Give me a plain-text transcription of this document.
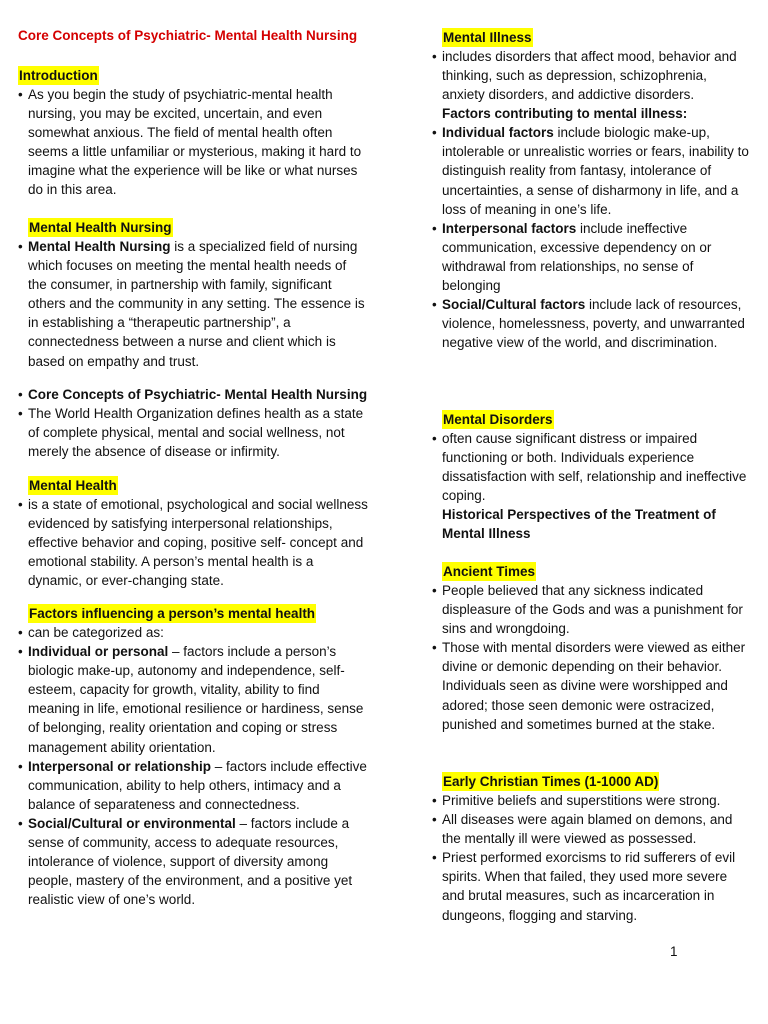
Core Concepts of Psychiatric- Mental Health Nursing
Introduction
• As you begin the study of psychiatric-mental health nursing, you may be excited, uncertain, and even somewhat anxious. The field of mental health often seems a little unfamiliar or mysterious, making it hard to imagine what the experience will be like or what nurses do in this area.
Mental Health Nursing
• Mental Health Nursing is a specialized field of nursing which focuses on meeting the mental health needs of the consumer, in partnership with family, significant others and the community in any setting. The essence is in establishing a “therapeutic partnership”, a connectedness between a nurse and client which is based on empathy and trust.
• Core Concepts of Psychiatric- Mental Health Nursing
• The World Health Organization defines health as a state of complete physical, mental and social wellness, not merely the absence of disease or infirmity.
Mental Health
• is a state of emotional, psychological and social wellness evidenced by satisfying interpersonal relationships, effective behavior and coping, positive self- concept and emotional stability. A person’s mental health is a dynamic, or ever-changing state.
Factors influencing a person’s mental health
• can be categorized as:
• Individual or personal – factors include a person’s biologic make-up, autonomy and independence, self-esteem, capacity for growth, vitality, ability to find meaning in life, emotional resilience or hardiness, sense of belonging, reality orientation and coping or stress management ability orientation.
• Interpersonal or relationship – factors include effective communication, ability to help others, intimacy and a balance of separateness and connectedness.
• Social/Cultural or environmental – factors include a sense of community, access to adequate resources, intolerance of violence, support of diversity among people, mastery of the environment, and a positive yet realistic view of one’s world.
Mental Illness
• includes disorders that affect mood, behavior and thinking, such as depression, schizophrenia, anxiety disorders, and addictive disorders.
Factors contributing to mental illness:
• Individual factors include biologic make-up, intolerable or unrealistic worries or fears, inability to distinguish reality from fantasy, intolerance of uncertainties, a sense of disharmony in life, and a loss of meaning in one’s life.
• Interpersonal factors include ineffective communication, excessive dependency on or withdrawal from relationships, no sense of belonging
• Social/Cultural factors include lack of resources, violence, homelessness, poverty, and unwarranted negative view of the world, and discrimination.
Mental Disorders
• often cause significant distress or impaired functioning or both. Individuals experience dissatisfaction with self, relationship and ineffective coping.
Historical Perspectives of the Treatment of Mental Illness
Ancient Times
• People believed that any sickness indicated displeasure of the Gods and was a punishment for sins and wrongdoing.
• Those with mental disorders were viewed as either divine or demonic depending on their behavior. Individuals seen as divine were worshipped and adored; those seen demonic were ostracized, punished and sometimes burned at the stake.
Early Christian Times (1-1000 AD)
• Primitive beliefs and superstitions were strong.
• All diseases were again blamed on demons, and the mentally ill were viewed as possessed.
• Priest performed exorcisms to rid sufferers of evil spirits. When that failed, they used more severe and brutal measures, such as incarceration in dungeons, flogging and starving.
1
